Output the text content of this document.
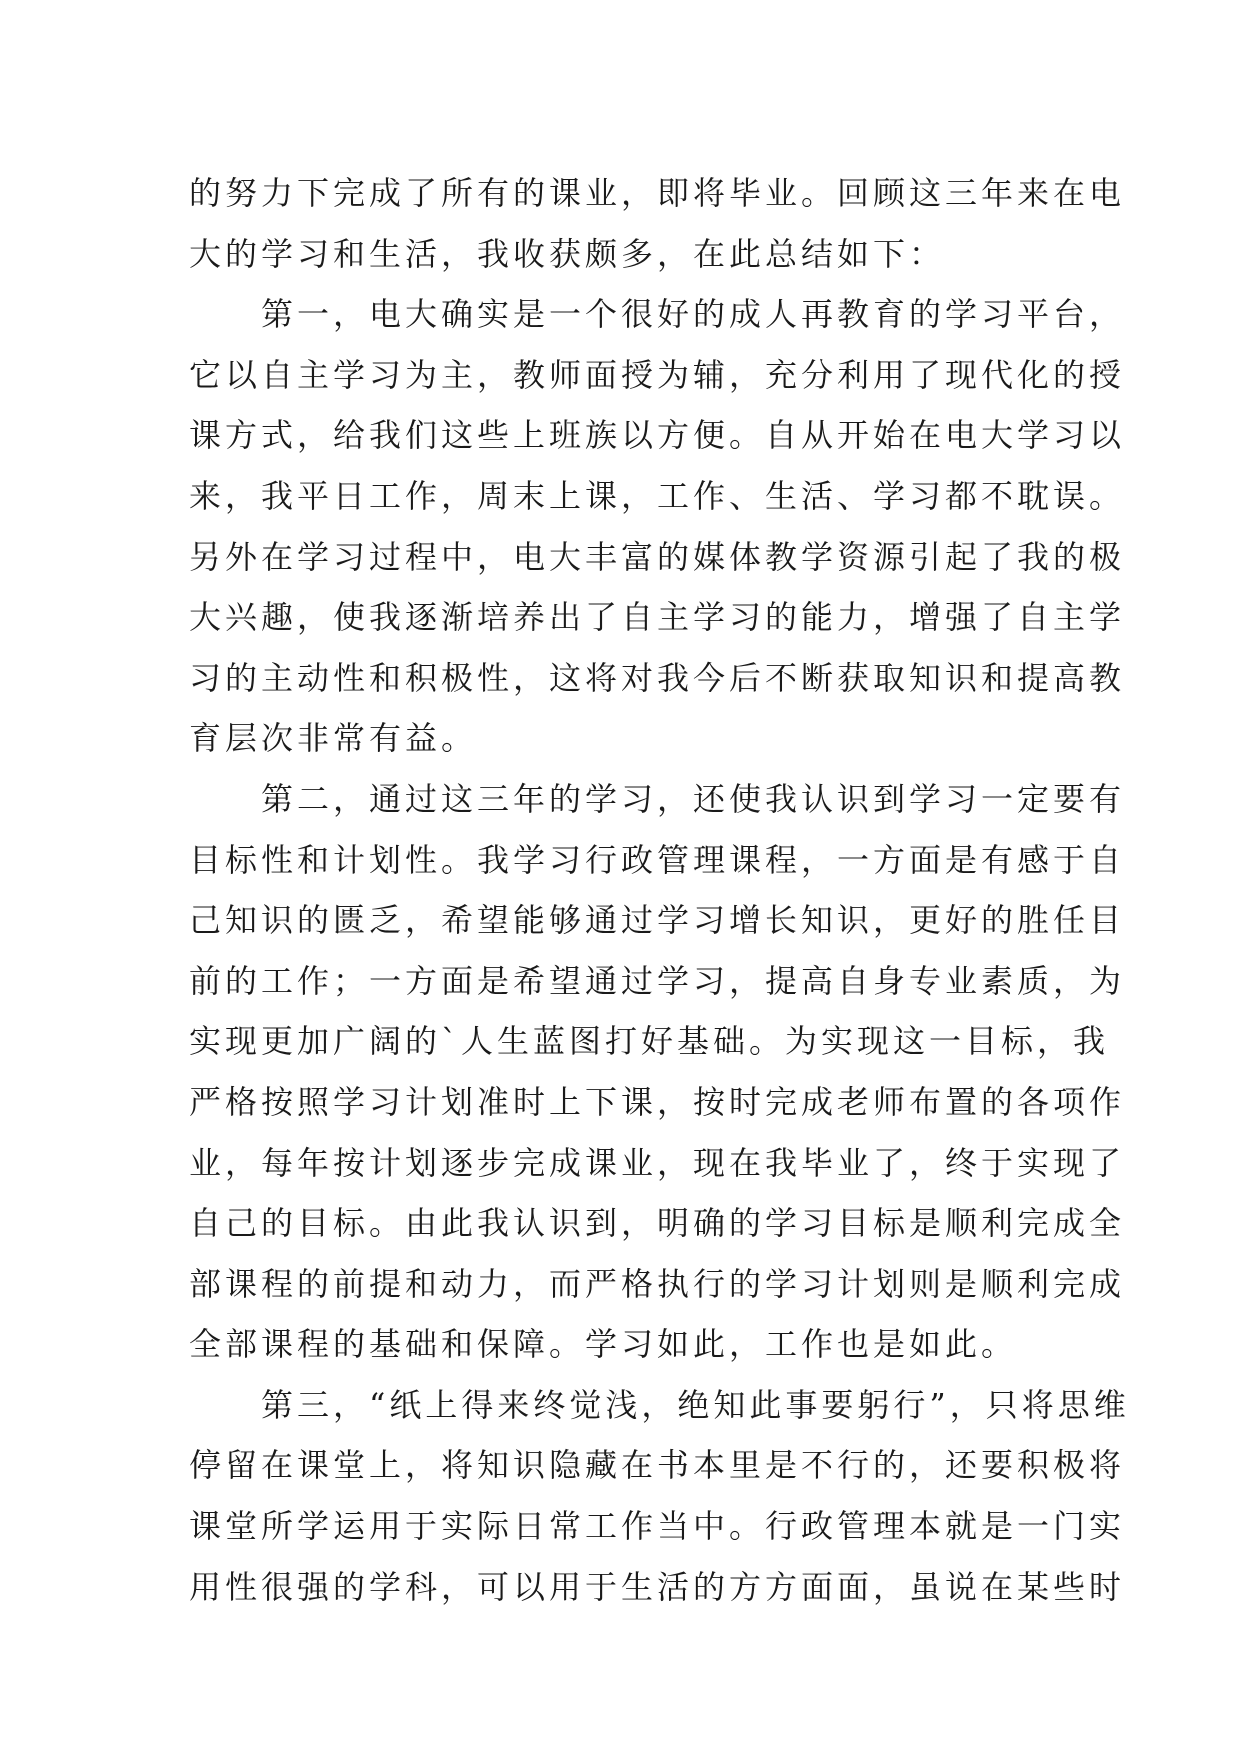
的努力下完成了所有的课业，即将毕业。回顾这三年来在电
大的学习和生活，我收获颇多，在此总结如下：
第一，电大确实是一个很好的成人再教育的学习平台，
它以自主学习为主，教师面授为辅，充分利用了现代化的授
课方式，给我们这些上班族以方便。自从开始在电大学习以
来，我平日工作，周末上课，工作、生活、学习都不耽误。
另外在学习过程中，电大丰富的媒体教学资源引起了我的极
大兴趣，使我逐渐培养出了自主学习的能力，增强了自主学
习的主动性和积极性，这将对我今后不断获取知识和提高教
育层次非常有益。
第二，通过这三年的学习，还使我认识到学习一定要有
目标性和计划性。我学习行政管理课程，一方面是有感于自
己知识的匮乏，希望能够通过学习增长知识，更好的胜任目
前的工作；一方面是希望通过学习，提高自身专业素质，为
实现更加广阔的`人生蓝图打好基础。为实现这一目标，我
严格按照学习计划准时上下课，按时完成老师布置的各项作
业，每年按计划逐步完成课业，现在我毕业了，终于实现了
自己的目标。由此我认识到，明确的学习目标是顺利完成全
部课程的前提和动力，而严格执行的学习计划则是顺利完成
全部课程的基础和保障。学习如此，工作也是如此。
第三，“纸上得来终觉浅，绝知此事要躬行”，只将思维
停留在课堂上，将知识隐藏在书本里是不行的，还要积极将
课堂所学运用于实际日常工作当中。行政管理本就是一门实
用性很强的学科，可以用于生活的方方面面，虽说在某些时
